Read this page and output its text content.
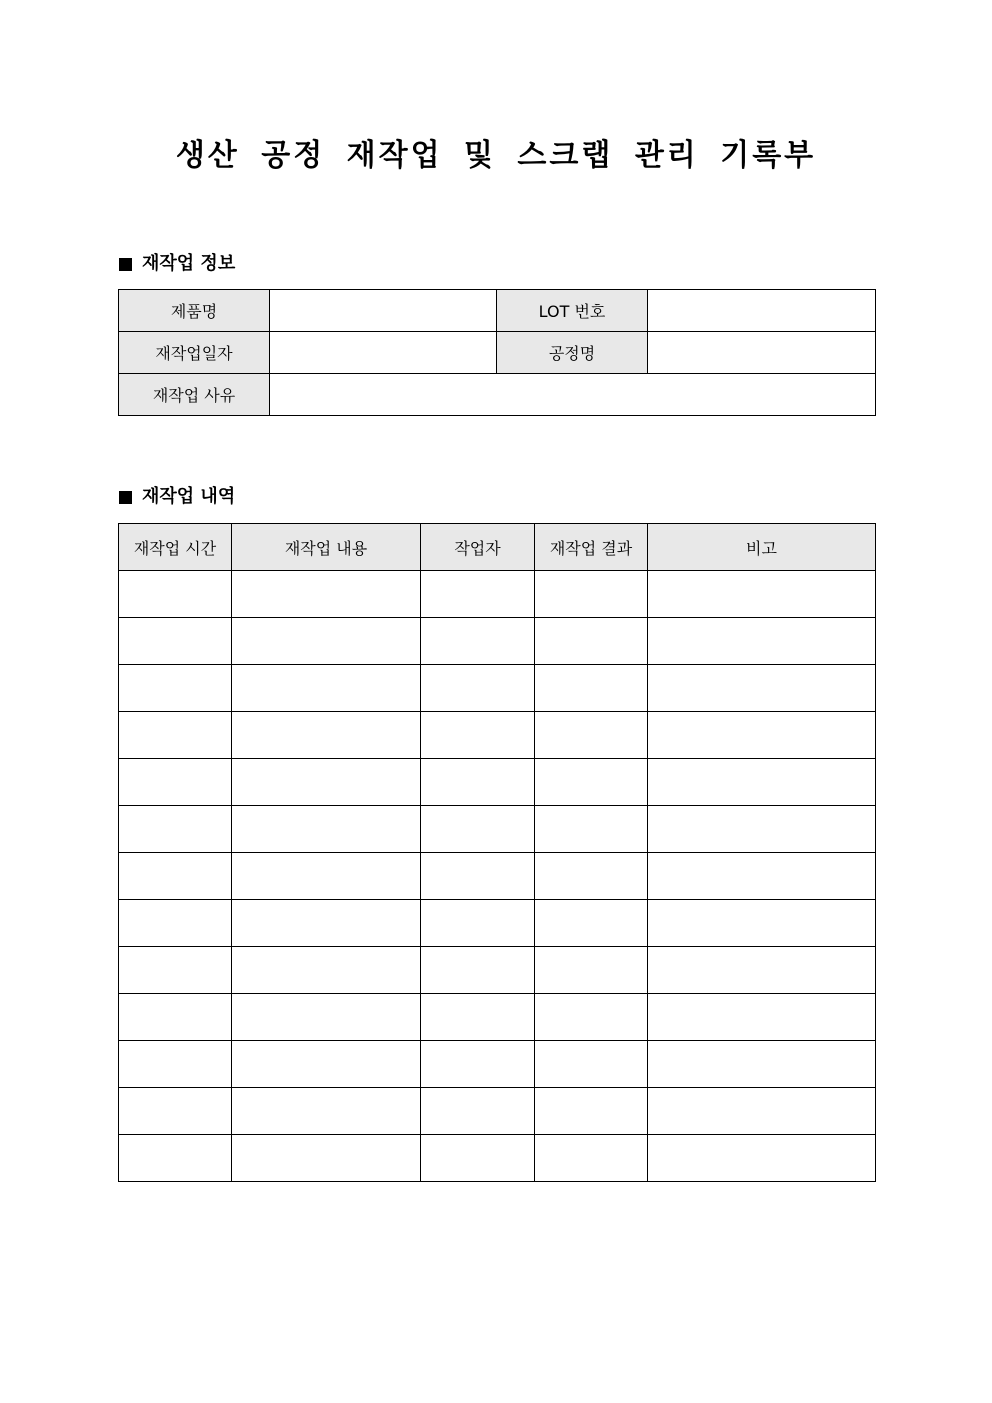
생산 공정 재작업 및 스크랩 관리 기록부
재작업 정보
제품명		LOT 번호	
재작업일자		공정명	
재작업 사유			
재작업 내역
재작업 시간	재작업 내용	작업자	재작업 결과	비고
